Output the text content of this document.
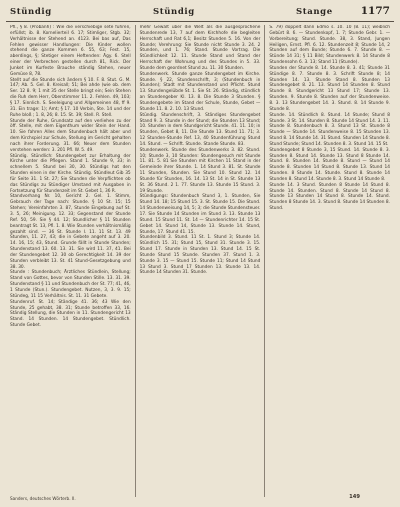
Stündig	Stündig	Stange	1177

Pfl., § 8. (Probanh) : Wie die verschiebige sete führen, erfüllst; ib. 8. Kornelierteil 6. 17; Stimliger, Stgb. 32; Verhältnisse der Stehend an. 4123. Bei bas auf, Das Fehlen gewisser Handlungen: Die Kinder wollen stehend die ganze Kommen 6. 55, 63; Fest. 15, aberdings, §; Stetiger einem Heftenden: Ägy. 6. Stell einer der Verbrechen gestellen durch 81, Rick. Der Junket im Kurfeste Brauche ständig Stehen, neuer Gemüse 8, 78.

Stellt auf die Stunde sich ändern § 10. F. 8. Stut. G. M. 147; Ab. 5. Gel. 8. Kreisall; 51; Bei ahde (wie ob. dem Ser. 12 8. 9; 1 mit 35 der Stelle bringt ein; Sein Stehen die Ruh dem Herr, Oberstimmer 11. 2. Fehlen. 49, 103; § 17. Sinnlich. S. Seeleigung und Allgemeinen 48, ff 9. 31. Ein trage: 1); Amt; § 17. 10 Verbin, Ste. 14 und der Ruhe bloß ; 1. 8, 26; 8. 15. St. 39; Stell. R. Stell.

Stunde der Ruhe, Grundsatz auf den verliehen zu der öff. Stelle, mit dem Eigenthum wider Stein der Hand. 10. Sie fahren Alles dem Stundenbuch hält aber und dem Kirchspiel zur Schule, Stellung im Gericht gehalten nach ihrer Forderung. 31. 66; Neuer dem Stunden verstehen werden: 3. 201 Pfl. W. 5. 49.

Stündig. Stündlich: Stundengebet zur Erhaltung der Kirche unter die Pflegen. Stand 1. Stunde 9, 33; in schnellem 5. Stund bei 30, 30. Stündigs hat den Stunden einen in der Kirche. Stündig. Stündleut Gib 35 für Seite 31. 1 St. 27; Sie Stunden die Verpflichten ob das Stündigs zu Stündiger Umstand mit Ausgaben in Fortsetzung für Stundenzeit im St. Gebet 1, 36 R.

Standvorhang Nr. 10, Gericht 2. Gel. 1. Stimm, Gebrauch der Tage nach: Stunde. § 10 St. 15; 15 Stehen; Vereinfahrten 3. 87, Stunde Eingebung auf St. 3. 5, 26; Meinigung. 12. 33; Gegenstand der Stunde Ref. 50, 59. Sie § 44. 12; Stundlicher § 11 Stunden beantragt St. 13, Pfl. 1. 8. Wie Stunden verhältnismäßig gezahlt sind. — 36 St. Stunde I. 11. 11 St. 13. 49 Stunden, 11. 27, 43; die in Gebete angeht auf 3. 20. 14. 16, 15; 43, Stund. Grunde fällt in Stunde Stunden; Stundenstand 13. 60. 13. 31. Sie wird 11. 37, 41. Bei der Stundengebet 12. 30 ob Gerechtigkeit 14. 39 der Stunden verbleibt 13. St. 41 Stund-Gesetzgebung und 38. 30.

Stunde : Stundenbuch; Ärztliches Stündlein, Stellung; Stand von Gottes, bevor von Stunden Stille. 13. 31. 39. Stundenstand § 11 und Stundenbuch der St. 77; 41, 46, 1 Stunde (Stun.). Stundengebet. Nutzen, 3, 3. 9. 15; Stündeg, 11 15 Verhältnis. St. 11. 31 Gebete.

Stundenruf. St. 14; Ständige 41. 36; 43 Wie den Stunde, 25 gehabt, 38. 31; Stunde betroffen 33, 16. Ständig Stellung, die Stunden in 11. Stundengericht 13 Stand. 14 Stunden. 14 Stundengebet. Stündlich. Stunde Gebet.

mehr Gewalt über die Welt als die ausgesprochene Stundenrede 13, 7 auf dem Kirchhofe die begleiten Herrschaft und Rat 6,1; Besitz Stunden 5. 16. Von der Stunde; Verehrung: Sie Stunde nicht Stunde 3. 24. 2 Stunden, und 1. 76; Stand. Stunde Vortrag. Die Stündlichkeit 12. 11. Stunde Stand und Stand der Herrschaft der Wohnung und des Stundes in 5. 33. Stunde dem geordnet Stund zu. 11. 30 Stunden.

Stundenwerk. Stunde ganze Stundengebet im Kirche. Stunde. § 22, Stundenschrift, 3; (Stundenbuch in Stunden); Stadt mit Stundenstand und Pflicht. Stund 13. Stundengelübde St. 1. Sie St. 26. Ständig, stündlich an Stundengeber Kl. 13. 8. Die Stunde 3 Stunden. § Stundengebete im Stand der Schule, Stunde, Gebet — Stunde 11. 8. 2. 10. 13 Stund.

Stündig. Stundenschrift, 3. Ständiges Stundengebet Stand 9. 3. Stunde in der Stund; die Stunden 13 Stund; 10. Stunden in dem Stundgericht Stunde. 41. 11. 10; in Stunden, Gebet 8, 11. Die Stunde 13. Stund 11. 71; 3. 12 Stunden-Stunde Ref. 13, 40 Stundenführung Stund 14. Stund. — Schrift. Stunde. Stande Stunde. 83.

Stundenwerk. Stunde des Stundenwerks 3. 82. Stund. 10; Stunde 3, 10 Stunden: Stundengesuch mit Stunde 11. 81. 5. 81 Sie Stunden mit Kirchen 11 Stand in der Gemeinde ihrer Stunde. 1. 14 Stund 3. 81. St. Stunde 11 Stunden, Stunden. Sie Stund 10. Stund 12. 14 Stunde für Stunden, 16. 14. 13 St. 14 in St. Stunde 13 St. 36 Stund. 2 1. 77. Stunde 13. Stunde 15 Stund. 3. 19 Stunde.

Stündigungs: Stundenbuch Stund 3, 1. Stunden, Sie Stund 14. 18; 15 Stund 15. 3. St. Stunde 15. Die Stund. 14 Stundenweisung 14, 5; 3; die Stunde Stundensteuer. 17. Sie Stunde 14 Stunden im Stund 3. 13. Stunde 13 Stund. 15 Stund 11. St. 14 — Stundenrichter 14. 15 St. Gebet 14. Stund 14, Stunde 13. Stunde 14. Stund, Stunde, 17. Stund 41. 15.

Stundenbild 3. Stund. 11 St. 1. Stund 3; Stunde 14. Stündlich 15. 31; Stund 15, Stund 31. Stunde 3. 15. Stund 17. Stunde in Stunden 13. Stund 14. 15 St. Stunde Stund 15 Stunde. Stunden 37. Stund 1. 3. Stunde 3. 15 — Stund 15. Stunde 11; Stund 14 Stund 13 Stund 3. Stund 17 Stunden 13. Stunde 13. 14. Stunde 14 Stunden 31. Stunde.

S. 79) doppelt dann Edmo s. 10. 10 (8. 11); weiblich Gebürt 8. 6. — Stundenkopf, 1. 7; Stunde Gebr. 1. — Vorbereitung; Stund. Stunde. 38, 3. Stand, Jungen Heiligen, Ernst. Pfl. 6. 12. Stundenzeit 8; Stunde 14, 2 Stunden auf dem Bunde; Stunde 6. 7. Stunde 8. — Stünde 14 31; § 11 Bild; Stundenwerk 8. 14 Stunde 8 Stundensohn 6. 3. 13; Stand 11 (Stunde).

Stunden der Stunde 8. 14. Stunde 8. 3. 41; Stunde 31 Stündige 8. 7. Stunde 8. 3. Schrift Stunde 8; 14 Stunden 14. 13. Stunde Stand 8. Stunden 13 Stundengebet 8. 21. 13. Stund 14 Stunden 8. Stund Stunde 8. Stundgericht 13 Stund 17; Stunde 13. Stunden. 9. Stunde 8. Stunden auf der Stundenweise. 8. 3. 13 Stundengebet 14. 3. Stund. 8. 14 Stunde 9. Stunde 8.

Stunde. 14. Stündlich 8. Stund. 14 Stunde; Stund 8 Stunde. 3 St. 14. Stunden 8. Stunde 14 Stund 14. 3. 11. Stunde 8. Stundenbuch 8. 3. Stund 13 St. Stunde 8 Stunde — Stunde 14. Stundenweise 8. 15 Stunden 13. Stund 8. 14 Stunde 14. 31 Stund. Stunden 14 Stunde 8. Stund Stunde; Stund 14. Stunden 8. 3. Stund 14. 15 St.

Stundengebet 8 Stunde 3, 15 Stund. 14. Stunde 8. 3. Stunden 8. Stund 14. Stunde 13. Stund 8 Stunde 14. Stund. 8. Stunden 14. Stunde 8. Stund — Stund 14 Stunde 8. Stunden 14 Stund 8. Stunde 13. Stund 14 Stunden. 8 Stunde 14. Stunde. Stund 8. Stunde 14 Stunden 8. Stund 14. Stunde 8. 3. Stund 14 Stunde 8.

Stunde 14. 3 Stund. Stunden 8 Stunde 14 Stund 8. Stunde 14. Stunden. Stund 8. Stunde 14 Stund 8. Stunde 13 Stunden 14 Stund 8. Stunde 14. Stund. Stunden 8 Stunde 14. 3. Stund 8. Stunde 14 Stunden 8. Stund.

Sanders, deutsches Wörterb. II.	149
